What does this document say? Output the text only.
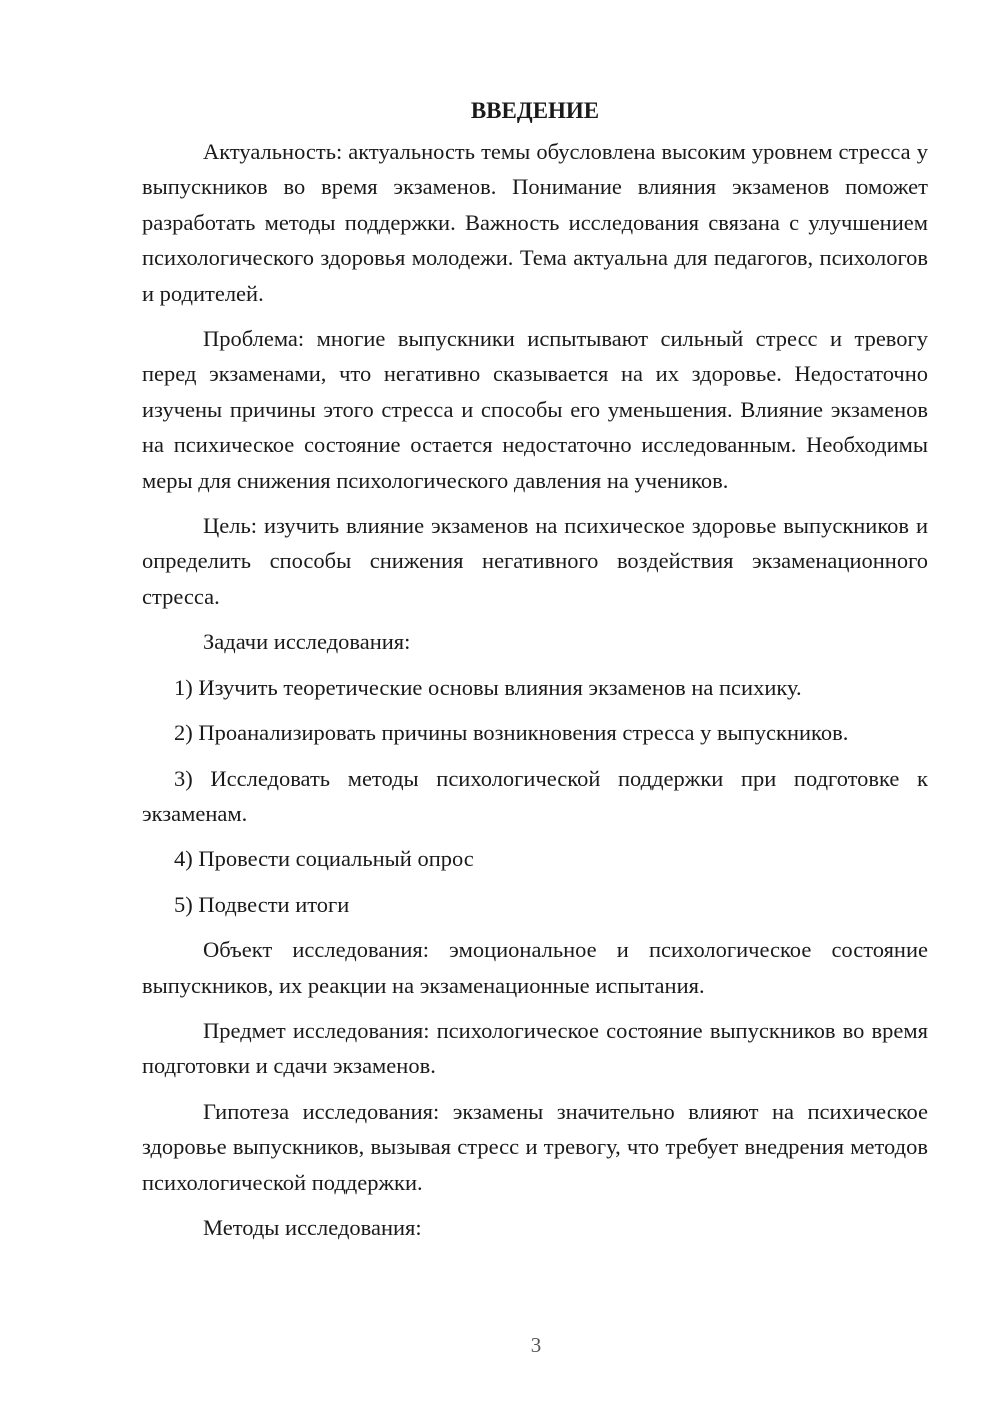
ВВЕДЕНИЕ

Актуальность: актуальность темы обусловлена высоким уровнем стресса у выпускников во время экзаменов. Понимание влияния экзаменов поможет разработать методы поддержки. Важность исследования связана с улучшением психологического здоровья молодежи. Тема актуальна для педагогов, психологов и родителей.

Проблема: многие выпускники испытывают сильный стресс и тревогу перед экзаменами, что негативно сказывается на их здоровье. Недостаточно изучены причины этого стресса и способы его уменьшения. Влияние экзаменов на психическое состояние остается недостаточно исследованным. Необходимы меры для снижения психологического давления на учеников.

Цель: изучить влияние экзаменов на психическое здоровье выпускников и определить способы снижения негативного воздействия экзаменационного стресса.

Задачи исследования:

1) Изучить теоретические основы влияния экзаменов на психику.

2) Проанализировать причины возникновения стресса у выпускников.

3) Исследовать методы психологической поддержки при подготовке к экзаменам.

4) Провести социальный опрос

5) Подвести итоги

Объект исследования: эмоциональное и психологическое состояние выпускников, их реакции на экзаменационные испытания.

Предмет исследования: психологическое состояние выпускников во время подготовки и сдачи экзаменов.

Гипотеза исследования: экзамены значительно влияют на психическое здоровье выпускников, вызывая стресс и тревогу, что требует внедрения методов психологической поддержки.

Методы исследования:

3
